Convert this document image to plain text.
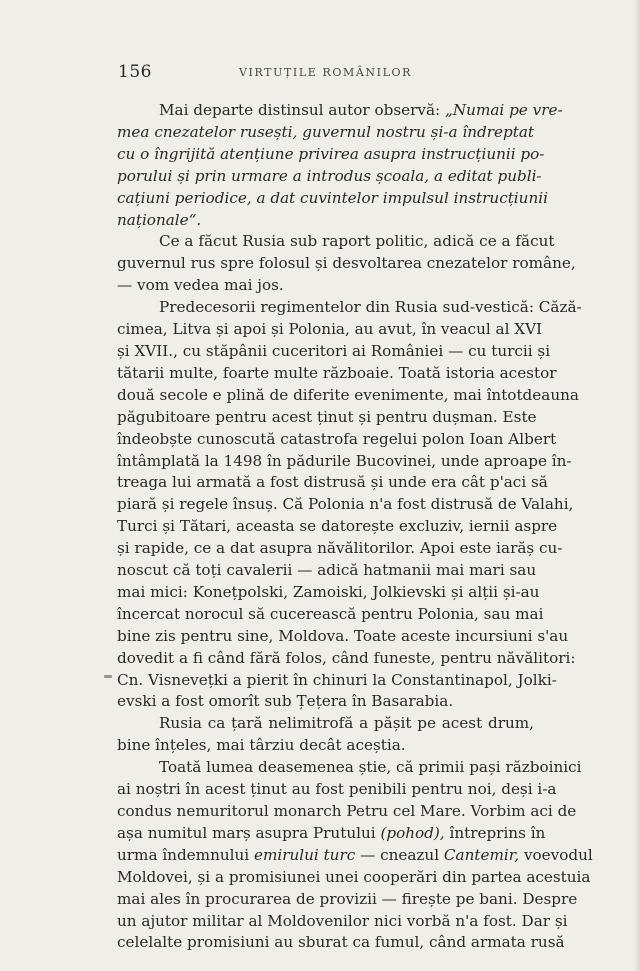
156	VIRTUȚILE ROMÂNILOR
Mai departe distinsul autor observă: „Numai pe vre-
mea cnezatelor rusești, guvernul nostru și-a îndreptat
cu o îngrijită atențiune privirea asupra instrucțiunii po-
porului și prin urmare a introdus școala, a editat publi-
cațiuni periodice, a dat cuvintelor impulsul instrucțiunii
naționale“.
Ce a făcut Rusia sub raport politic, adică ce a făcut
guvernul rus spre folosul și desvoltarea cnezatelor române,
— vom vedea mai jos.
Predecesorii regimentelor din Rusia sud-vestică: Căză-
cimea, Litva și apoi și Polonia, au avut, în veacul al XVI
și XVII., cu stăpânii cuceritori ai României — cu turcii și
tătarii multe, foarte multe războaie. Toată istoria acestor
două secole e plină de diferite evenimente, mai întotdeauna
păgubitoare pentru acest ținut și pentru dușman. Este
îndeobște cunoscută catastrofa regelui polon Ioan Albert
întâmplată la 1498 în pădurile Bucovinei, unde aproape în-
treaga lui armată a fost distrusă și unde era cât p'aci să
piară și regele însuș. Că Polonia n'a fost distrusă de Valahi,
Turci și Tătari, aceasta se datorește excluziv, iernii aspre
și rapide, ce a dat asupra năvălitorilor. Apoi este iarăș cu-
noscut că toți cavalerii — adică hatmanii mai mari sau
mai mici: Konețpolski, Zamoiski, Jolkievski și alții și-au
încercat norocul să cucerească pentru Polonia, sau mai
bine zis pentru sine, Moldova. Toate aceste incursiuni s'au
dovedit a fi când fără folos, când funeste, pentru năvălitori:
Cn. Visnevețki a pierit în chinuri la Constantinapol, Jolki-
evski a fost omorît sub Țețera în Basarabia.
Rusia ca țară nelimitrofă a pășit pe acest drum,
bine înțeles, mai târziu decât aceștia.
Toată lumea deasemenea știe, că primii pași războinici
ai noștri în acest ținut au fost penibili pentru noi, deși i-a
condus nemuritorul monarch Petru cel Mare. Vorbim aci de
așa numitul marș asupra Prutului (pohod), întreprins în
urma îndemnului emirului turc — cneazul Cantemir, voevodul
Moldovei, și a promisiunei unei cooperări din partea acestuia
mai ales în procurarea de provizii — firește pe bani. Despre
un ajutor militar al Moldovenilor nici vorbă n'a fost. Dar și
celelalte promisiuni au sburat ca fumul, când armata rusă
